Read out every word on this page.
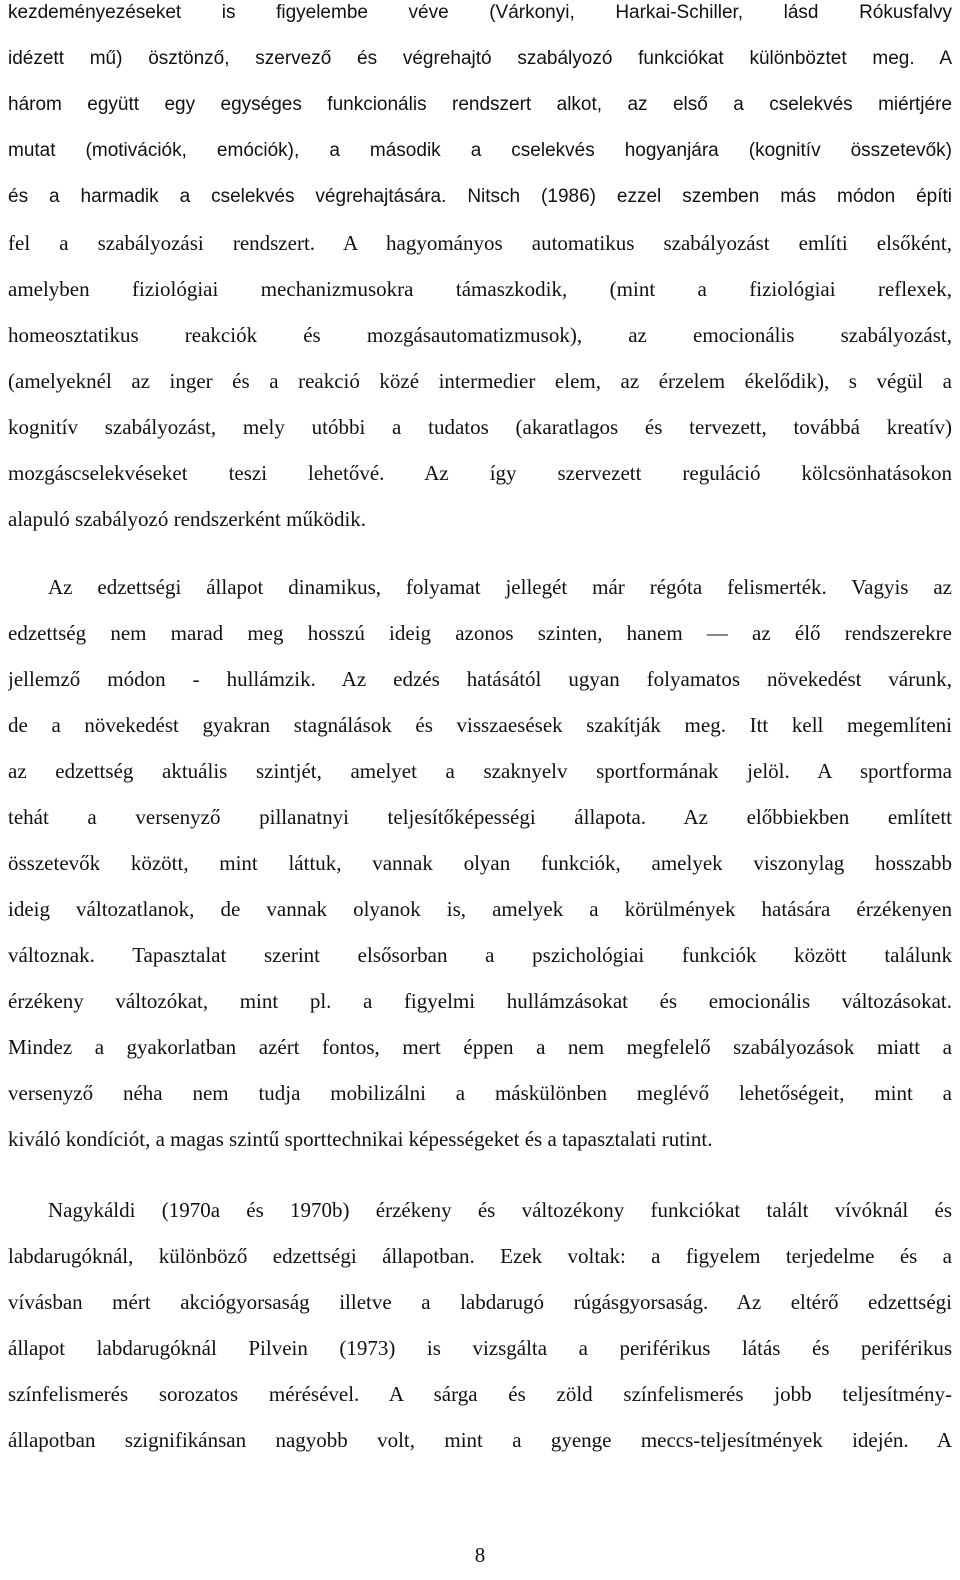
kezdeményezéseket is figyelembe véve (Várkonyi, Harkai-Schiller, lásd Rókusfalvy
idézett mű) ösztönző, szervező és végrehajtó szabályozó funkciókat különböztet meg. A
három együtt egy egységes funkcionális rendszert alkot, az első a cselekvés miértjére
mutat (motivációk, emóciók), a második a cselekvés hogyanjára (kognitív összetevők)
és a harmadik a cselekvés végrehajtására. Nitsch (1986) ezzel szemben más módon építi
fel a szabályozási rendszert. A hagyományos automatikus szabályozást említi elsőként,
amelyben fiziológiai mechanizmusokra támaszkodik, (mint a fiziológiai reflexek,
homeosztatikus reakciók és mozgásautomatizmusok), az emocionális szabályozást,
(amelyeknél az inger és a reakció közé intermedier elem, az érzelem ékelődik), s végül a
kognitív szabályozást, mely utóbbi a tudatos (akaratlagos és tervezett, továbbá kreatív)
mozgáscselekvéseket teszi lehetővé. Az így szervezett reguláció kölcsönhatásokon
alapuló szabályozó rendszerként működik.
Az edzettségi állapot dinamikus, folyamat jellegét már régóta felismerték. Vagyis az
edzettség nem marad meg hosszú ideig azonos szinten, hanem — az élő rendszerekre
jellemző módon - hullámzik. Az edzés hatásától ugyan folyamatos növekedést várunk,
de a növekedést gyakran stagnálások és visszaesések szakítják meg. Itt kell megemlíteni
az edzettség aktuális szintjét, amelyet a szaknyelv sportformának jelöl. A sportforma
tehát a versenyző pillanatnyi teljesítőképességi állapota. Az előbbiekben említett
összetevők között, mint láttuk, vannak olyan funkciók, amelyek viszonylag hosszabb
ideig változatlanok, de vannak olyanok is, amelyek a körülmények hatására érzékenyen
változnak. Tapasztalat szerint elsősorban a pszichológiai funkciók között találunk
érzékeny változókat, mint pl. a figyelmi hullámzásokat és emocionális változásokat.
Mindez a gyakorlatban azért fontos, mert éppen a nem megfelelő szabályozások miatt a
versenyző néha nem tudja mobilizálni a máskülönben meglévő lehetőségeit, mint a
kiváló kondíciót, a magas szintű sporttechnikai képességeket és a tapasztalati rutint.
Nagykáldi (1970a és 1970b) érzékeny és változékony funkciókat talált vívóknál és
labdarugóknál, különböző edzettségi állapotban. Ezek voltak: a figyelem terjedelme és a
vívásban mért akciógyorsaság illetve a labdarugó rúgásgyorsaság. Az eltérő edzettségi
állapot labdarugóknál Pilvein (1973) is vizsgálta a periférikus látás és periférikus
színfelismerés sorozatos mérésével. A sárga és zöld színfelismerés jobb teljesítmény-
állapotban szignifikánsan nagyobb volt, mint a gyenge meccs-teljesítmények idején. A
8
